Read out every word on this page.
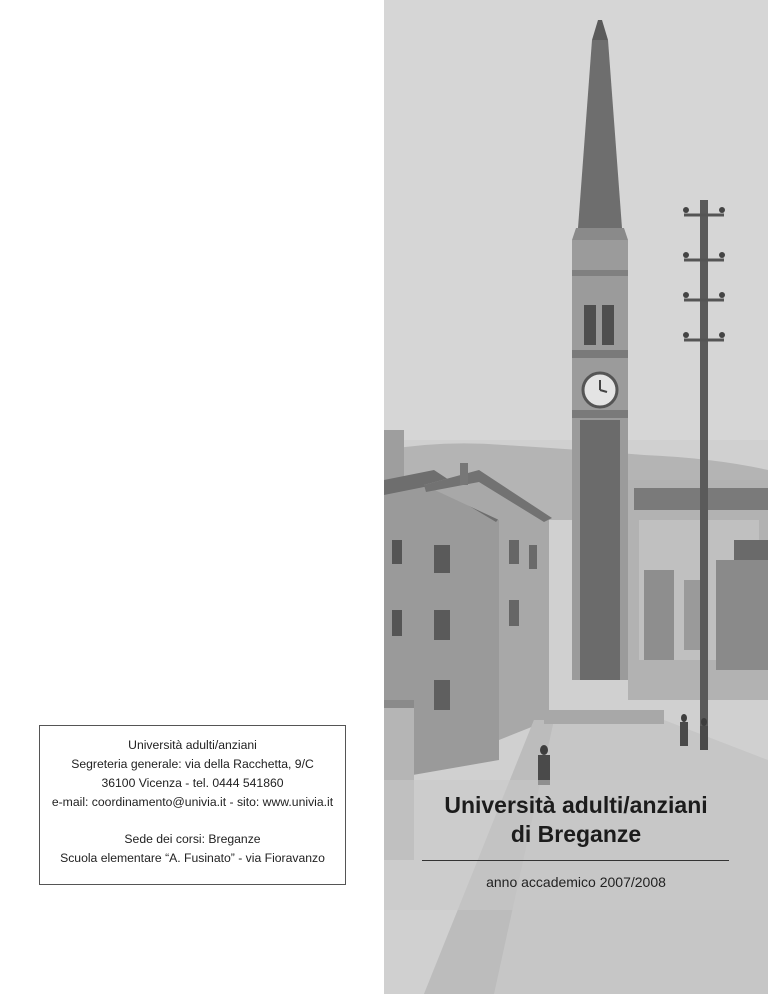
Università adulti/anziani
Segreteria generale: via della Racchetta, 9/C
36100 Vicenza - tel. 0444 541860
e-mail: coordinamento@univia.it - sito: www.univia.it
Sede dei corsi: Breganze
Scuola elementare “A. Fusinato” - via Fioravanzo
Università adulti/anziani
di Breganze
anno accademico 2007/2008
